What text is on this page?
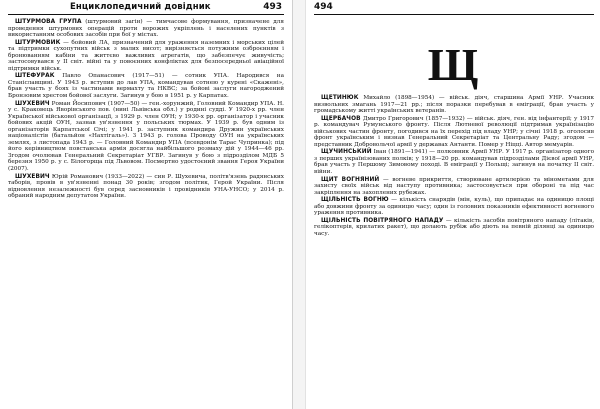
Енциклопедичний довідник	493

ШТУРМОВА ГРУПА (штурмовий загін) — тимчасове формування, призначене для проведення штурмових операцій проти ворожих укріплень і населених пунктів з використанням особових засобів при бої у містах.

ШТУРМОВИК — бойовий ЛА, призначений для ураження наземних і морських цілей та підтримки сухопутних військ з малих висот; вирізняється потужним озброєнням і бронюванням кабіни та життєво важливих агрегатів, що забезпечує живучість; застосовувався у ІІ світ. війні та у повоєнних конфліктах для безпосередньої авіаційної підтримки військ.

ШТЕФУРАК Павло Опанасович (1917—51) — сотник УПА. Народився на Станіславщині. У 1943 р. вступив до лав УПА, командував сотнею у курені «Скажені», брав участь у боях із частинами вермахту та НКВС; за бойові заслуги нагороджений Бронзовим хрестом бойової заслуги. Загинув у бою в 1951 р. у Карпатах.

ШУХЕВИЧ Роман Йосипович (1907—50) — ген.-хорунжий, Головний Командир УПА. Н. у с. Краковець Яворівського пов. (нині Львівська обл.) у родині судді. У 1920-х рр. член Української військової організації, з 1929 р. член ОУН; у 1930-х рр. організатор і учасник бойових акцій ОУН, зазнав ув'язнення у польських тюрмах. У 1939 р. був одним із організаторів Карпатської Січі; у 1941 р. заступник командира Дружин українських націоналістів (батальйон «Нахтігаль»). З 1943 р. голова Проводу ОУН на українських землях, з листопада 1943 р. — Головний Командир УПА (псевдонім Тарас Чупринка); під його керівництвом повстанська армія досягла найбільшого розмаху дій у 1944—46 рр. Згодом очолював Генеральний Секретаріат УГВР. Загинув у бою з підрозділом МДБ 5 березня 1950 р. у с. Білогорща під Львовом. Посмертно удостоєний звання Героя України (2007).

ШУХЕВИЧ Юрій Романович (1933—2022) — син Р. Шухевича, політв'язень радянських таборів, провів в ув'язненні понад 30 років; згодом політик, Герой України. Після відновлення незалежності був серед засновників і провідників УНА-УНСО; у 2014 р. обраний народним депутатом України.

494
Щ

ЩЕТИНЮК Михайло (1898—1954) — військ. діяч, старшина Армії УНР. Учасник визвольних змагань 1917—21 рр.; після поразки перебував в еміграції, брав участь у громадському житті українських ветеранів.

ЩЕРБАЧОВ Дмитро Григорович (1857—1932) — військ. діяч, ген. від інфантерії; у 1917 р. командувач Румунського фронту. Після Лютневої революції підтримав українізацію військових частин фронту, погодився на їх перехід під владу УНР; у січні 1918 р. оголосив фронт українським і визнав Генеральний Секретаріат та Центральну Раду; згодом — представник Добровольчої армії у державах Антанти. Помер у Ніцці. Автор мемуарів.

ЩУЧИНСЬКИЙ Іван (1891—1941) — полковник Армії УНР. У 1917 р. організатор одного з перших українізованих полків; у 1918—20 рр. командував підрозділами Дієвої армії УНР, брав участь у Першому Зимовому поході. В еміграції у Польщі; загинув на початку ІІ світ. війни.

ЩИТ ВОГНЯНИЙ — вогневе прикриття, створюване артилерією та мінометами для захисту своїх військ від наступу противника; застосовується при обороні та під час закріплення на захоплених рубежах.

ЩІЛЬНІСТЬ ВОГНЮ — кількість снарядів (мін, куль), що припадає на одиницю площі або довжини фронту за одиницю часу; один із головних показників ефективності вогневого ураження противника.

ЩІЛЬНІСТЬ ПОВІТРЯНОГО НАПАДУ — кількість засобів повітряного нападу (літаків, гелікоптерів, крилатих ракет), що долають рубіж або діють на певній ділянці за одиницю часу.
